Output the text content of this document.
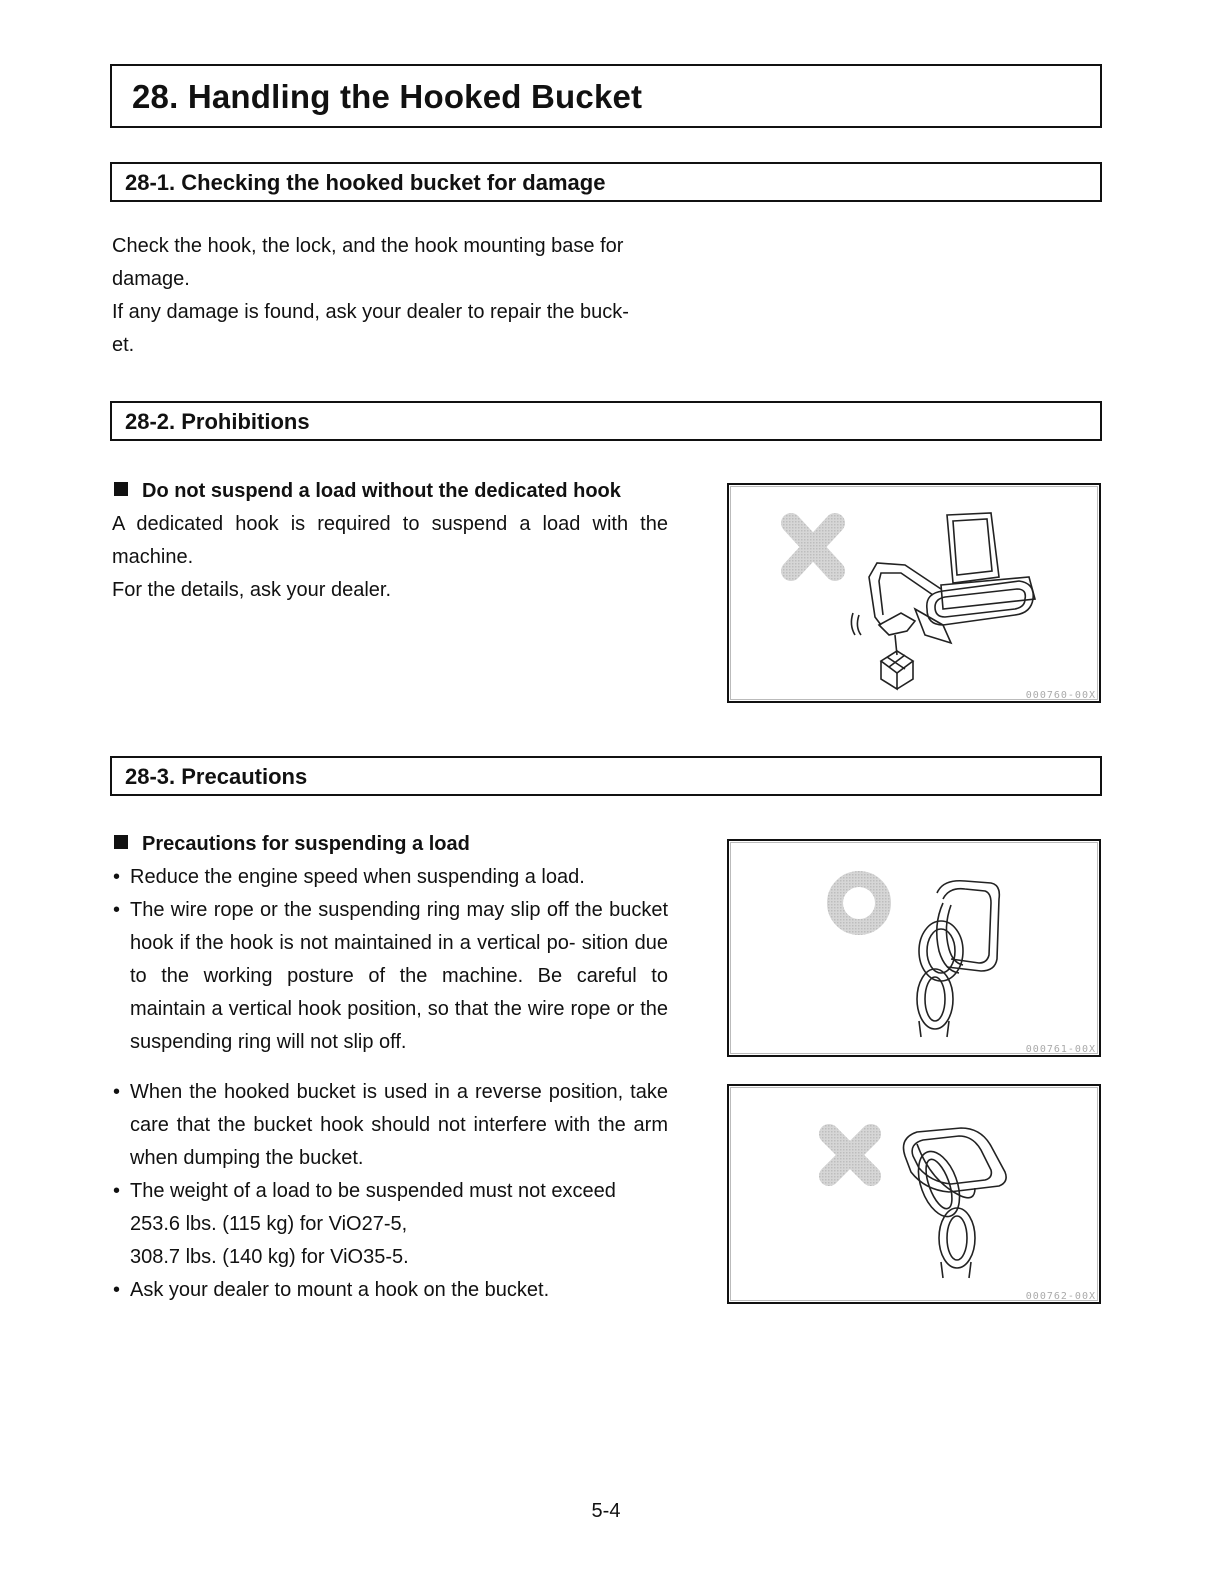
28. Handling the Hooked Bucket
28-1. Checking the hooked bucket for damage

Check the hook, the lock, and the hook mounting base for

damage.

If any damage is found, ask your dealer to repair the buck-

et.

28-2. Prohibitions
Do not suspend a load without the dedicated hook

A dedicated hook is required to suspend a load with the

machine.

For the details, ask your dealer.

000760-00X
28-3. Precautions
Precautions for suspending a load
• Reduce the engine speed when suspending a load.
• The wire rope or the suspending ring may slip off the bucket hook if the hook is not maintained in a vertical po- sition due to the working posture of the machine. Be careful to maintain a vertical hook position, so that the wire rope or the suspending ring will not slip off.
• When the hooked bucket is used in a reverse position, take care that the bucket hook should not interfere with the arm when dumping the bucket.
• The weight of a load to be suspended must not exceed
253.6 lbs. (115 kg) for ViO27-5,
308.7 lbs. (140 kg) for ViO35-5.
• Ask your dealer to mount a hook on the bucket.
000761-00X
000762-00X
5-4
